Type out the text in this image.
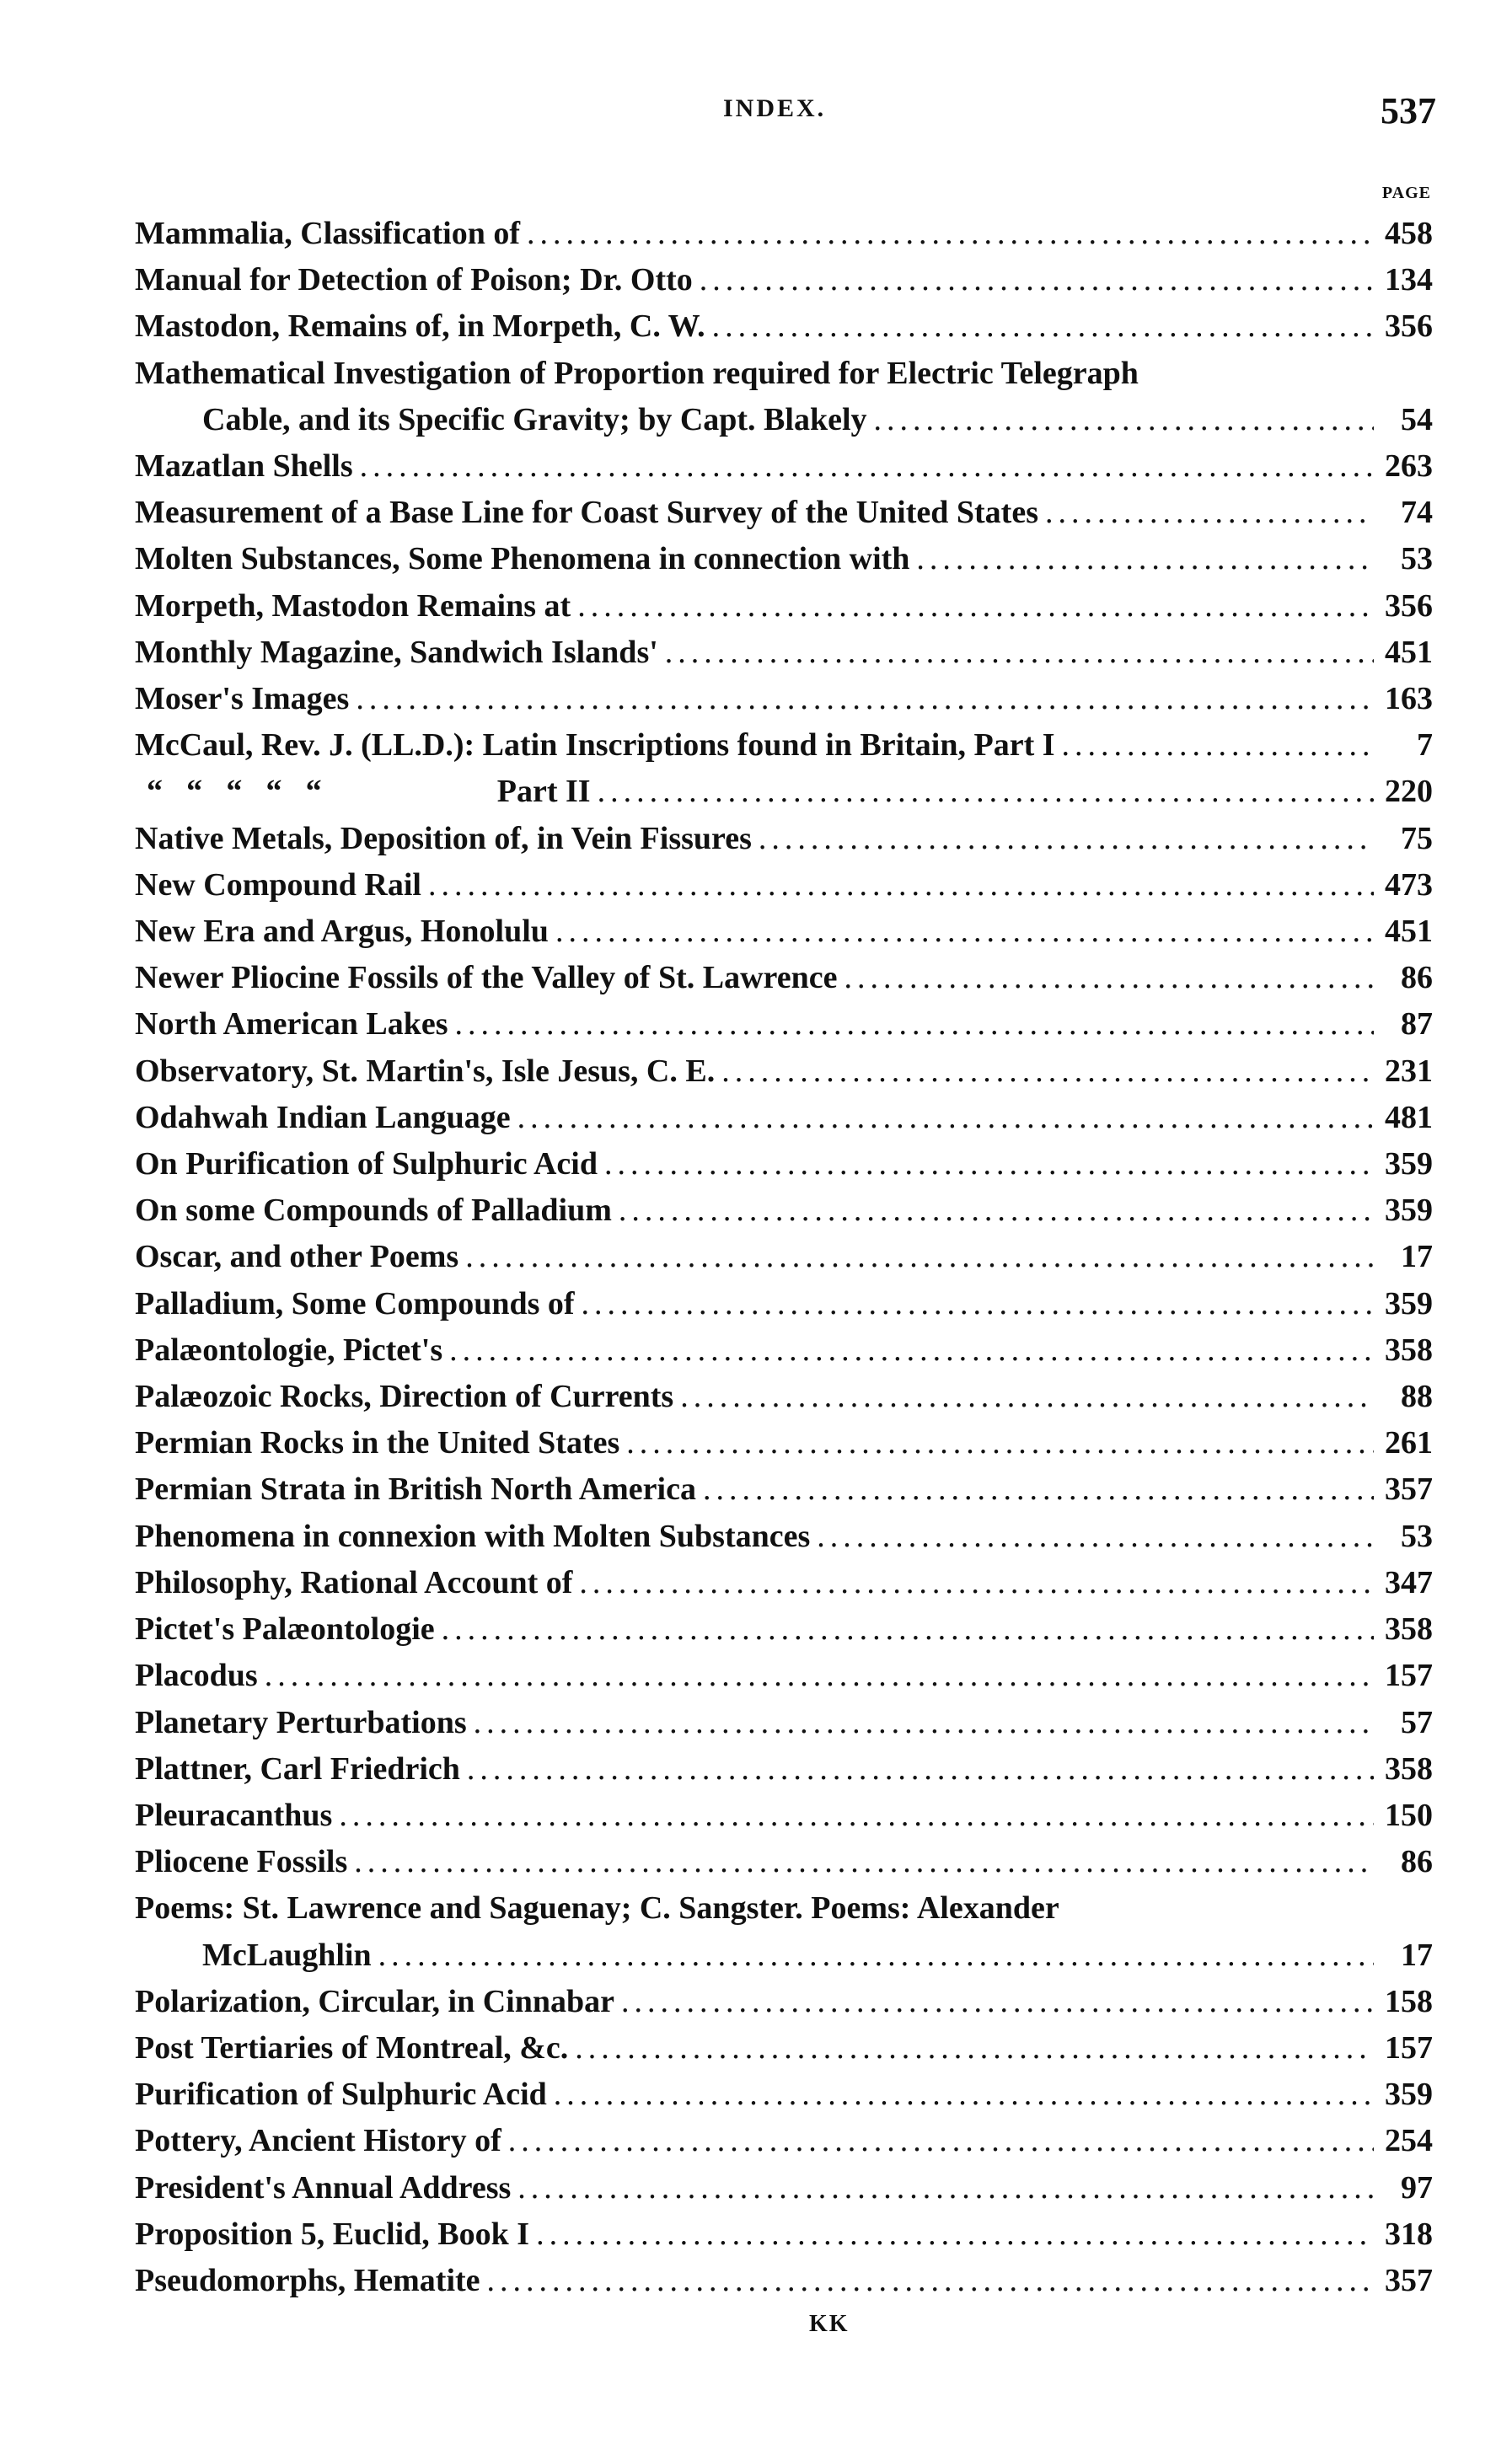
INDEX.	537
PAGE
Mammalia, Classification of .....	458
Manual for Detection of Poison; Dr. Otto .....	134
Mastodon, Remains of, in Morpeth, C. W. .....	356
Mathematical Investigation of Proportion required for Electric Telegraph
Cable, and its Specific Gravity; by Capt. Blakely .....	54
Mazatlan Shells .....	263
Measurement of a Base Line for Coast Survey of the United States .....	74
Molten Substances, Some Phenomena in connection with .....	53
Morpeth, Mastodon Remains at .....	356
Monthly Magazine, Sandwich Islands' .....	451
Moser's Images .....	163
McCaul, Rev. J. (LL.D.): Latin Inscriptions found in Britain, Part I .....	7
“ “ “ “ “	Part II .....	220
Native Metals, Deposition of, in Vein Fissures .....	75
New Compound Rail .....	473
New Era and Argus, Honolulu .....	451
Newer Pliocine Fossils of the Valley of St. Lawrence .....	86
North American Lakes .....	87
Observatory, St. Martin's, Isle Jesus, C. E. .....	231
Odahwah Indian Language .....	481
On Purification of Sulphuric Acid .....	359
On some Compounds of Palladium .....	359
Oscar, and other Poems .....	17
Palladium, Some Compounds of .....	359
Palæontologie, Pictet's .....	358
Palæozoic Rocks, Direction of Currents .....	88
Permian Rocks in the United States .....	261
Permian Strata in British North America .....	357
Phenomena in connexion with Molten Substances .....	53
Philosophy, Rational Account of .....	347
Pictet's Palæontologie .....	358
Placodus .....	157
Planetary Perturbations .....	57
Plattner, Carl Friedrich .....	358
Pleuracanthus .....	150
Pliocene Fossils .....	86
Poems: St. Lawrence and Saguenay; C. Sangster. Poems: Alexander
McLaughlin .....	17
Polarization, Circular, in Cinnabar .....	158
Post Tertiaries of Montreal, &c. .....	157
Purification of Sulphuric Acid .....	359
Pottery, Ancient History of .....	254
President's Annual Address .....	97
Proposition 5, Euclid, Book I .....	318
Pseudomorphs, Hematite .....	357
KK
